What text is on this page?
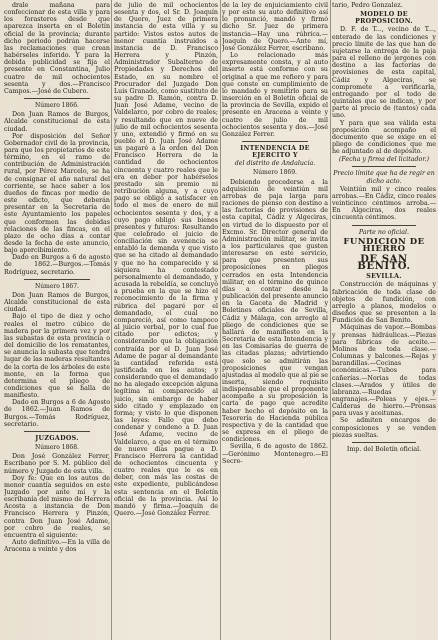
drale mañana para confeccionar de esta villa y para los forasteros desde que aparezca inserta en el Boletín oficial de la provincia; durante dicho periodo podrán hacerse las reclamaciones que crean habérseles inferido. Y para la debida publicidad se fija el presente en Constantina, Julio cuatro de mil ochocientos sesenta y dos.—Francisco Campos.—José de Cubero.

Número 1866.

Don Juan Ramos de Burgos, Alcalde constitucional de esta ciudad.

Por disposición del Señor Gobernador civil de la provincia, para que los propietarios de este término, en el ramo de contribución de Administración rural, por Pérez Marcelo, se ha de consignar el año natural del corriente, se hace saber a los dueños de fincas por medio de este edicto, que deberán presentar en la Secretaría de este Ayuntamiento los papeles que conformen las debidas relaciones de las fincas, en el plazo de ocho días a contar desde la fecha de este anuncio, bajo apercibimiento.

Dado en Burgos a 6 de agosto de 1862.—Burgos.—Tomás Rodríguez, secretario.

Número 1867.

Don Juan Ramos de Burgos, Alcalde constitucional de esta ciudad.

Bajo el tipo de diez y ocho reales el metro cúbico de madera por la primera vez y por las subastas de esta provincia o del domicilio de los rematantes, se anuncia la subasta que tendrá lugar de las maderas resultantes de la corta de los árboles de este monte, en la forma que determina el pliego de condiciones que se halla de manifiesto.

Dado en Burgos a 6 de Agosto de 1862.—Juan Ramos de Burgos.—Tomás Rodríguez, secretario.

JUZGADOS.
Número 1868.

Don José González Ferrer, Escribano por S. M. público del número y Juzgado de esta villa.

Doy fe: Que en los autos de menor cuantía seguidos en este Juzgado por ante mí y la escribanía del mismo de Herrera Acosta a instancia de Don Francisco Herrera y Pinzón, contra Don Juan José Adame, por cobro de reales, se encuentra el siguiente:

Auto definitivo.—En la villa de Aracena a veinte y dos

de julio de mil ochocientos sesenta y dos, el Sr. D. Joaquín de Quero, Juez de primera instancia de esta villa y su partido: Vistos estos autos de menor cuantía instruidos a instancia de D. Francisco Herrera y Pinzón, Administrador Subalterno de Propiedades y Derechos del Estado, en su nombre el Procurador del Juzgado Don Luis Granado, como sustituto de su padre D. Ramón, contra D. Juan José Adame, vecino de Valdelarco, por cobro de reales; y resultando que en nueve de julio de mil ochocientos sesenta y uno, extendió y firmó en su pueblo el D. Juan José Adame un pagaré a la orden del Don Francisco Herrera de la cantidad de ochocientos cincuenta y cuatro reales que le era en deber por habérselos prestado sin premio ni retribución alguna, y a cuyo pago se obligó a satisfacer en todo el mes de enero de mil ochocientos sesenta y dos, y a cuyo pago obligó sus bienes presentes y futuros: Resultando que celebrado el juicio de conciliación sin avenencia se entabló la demanda y que visto que se ha citado al demandado y que no ha comparecido y si siquiera ha contestado personalmente el demandado, y acusada la rebeldía, se concluyó a prueba en la que se hizo el reconocimiento de la firma y rúbrica del pagaré por el demandado, el cual no compareció, así como tampoco al juicio verbal, por lo cual fue citado por edictos; y considerando que la obligación contraída por el D. Juan José Adame de pagar al demandante la cantidad referida está justificada en los autos; y considerando que el demandado no ha alegado excepción alguna legítima ni comparecido al juicio, sin embargo de haber sido citado y emplazado en forma; y visto lo que disponen las leyes: Fallo que debo condenar y condeno a D. Juan José Adame, vecino de Valdelarco, a que en el término de nueve días pague a D. Francisco Herrera la cantidad de ochocientos cincuenta y cuatro reales que le es en deber, con más las costas de este expediente, publicándose esta sentencia en el Boletín oficial de la provincia. Así lo mandó y firma.—Joaquín de Quero.—José González Ferrer.

de la ley de enjuiciamiento civil y por este su auto definitivo así lo pronunció, mandó y firmó dicho Sr. Juez de primera instancia—Hay una rúbrica.—Joaquín de Quero.—Ante mí, José González Ferrer, escribano.

Lo relacionado más expresamente consta, y al auto inserto está conforme con su original a que me refiero y para que conste en cumplimiento de lo mandado y remitirlo para su inserción en el Boletín oficial de la provincia de Sevilla, expido el presente en Aracena a veinte y cuatro de julio de mil ochocientos sesenta y dos.—José González Ferrer.

INTENDENCIA DE EJERCITO Y
del distrito de Andalucía.
Número 1869.

Debiendo procederse a la adquisición de veintiún mil arrobas de paja larga para raciones de pienso con destino a las factorías de provisiones de esta capital, Cádiz y Algeciras, en virtud de lo dispuesto por el Excmo. Sr. Director general de Administración militar, se invita a los particulares que gusten interesarse en este servicio, para que presenten sus proposiciones en pliegos cerrados en esta Intendencia militar, en el término de quince días a contar desde la publicación del presente anuncio en la Gaceta de Madrid y Boletines oficiales de Sevilla, Cádiz y Málaga, con arreglo al pliego de condiciones que se hallará de manifiesto en la Secretaría de esta Intendencia y en las Comisarías de guerra de las citadas plazas; advirtiendo que solo se admitirán las proposiciones que vengan ajustadas al modelo que al pie se inserta, siendo requisito indispensable que el proponente acompañe a su proposición la carta de pago que acredite haber hecho el depósito en la Tesorería de Hacienda pública respectiva y de la cantidad que se expresa en el pliego de condiciones.

Sevilla, 6 de agosto de 1862.—Gerónimo Montenegro.—El Secre-

tario, Pedro Gonzalez.

MODELO DE PROPOSICION.

D. F. de T..., vecino de T..., enterado de las condiciones y precio límite de las que han de sujetarse la entrega de la paja para el relleno de jergones con destino a las factorías de provisiones de esta capital, Cádiz y Algeciras, se compromete a verificarla, entregando por el todo de quintales que se indican, y por parte al precio de (tantos) cada uno.

Y para que sea válida esta proposición acompaño el documento que se exige en el pliego de condiciones que me he adjuntado al de depósito.

(Fecha y firma del licitador.)
Precio límite que ha de regir en dicho acto.

Veintiún mil y cinco reales arrobas.—En Cádiz, cinco reales veinticinco céntimos arroba.—En Algeciras, dos reales cincuenta céntimos.

Parte no oficial.
FUNDICION DE HIERRO
DE SAN BENITO.
SEVILLA.

Construcción de máquinas y fabricación de toda clase de objetos de fundición, con arreglo a planos, modelos o diseños que se presenten a la Fundición de San Benito.

Máquinas de vapor.—Bombas y prensas hidráulicas.—Piezas para fábricas de aceite.—Molinos de toda clase.—Columnas y balcones.—Rejas y barandillas.—Cocinas económicas.—Tubos para cañerías.—Norias de todas clases.—Arados y útiles de labranza.—Ruedas y engranajes.—Poleas y ejes.—Calderas de hierro.—Prensas para uvas y aceitunas.

Se admiten encargos de composiciones y se venden piezas sueltas.

Imp. del Boletín oficial.
